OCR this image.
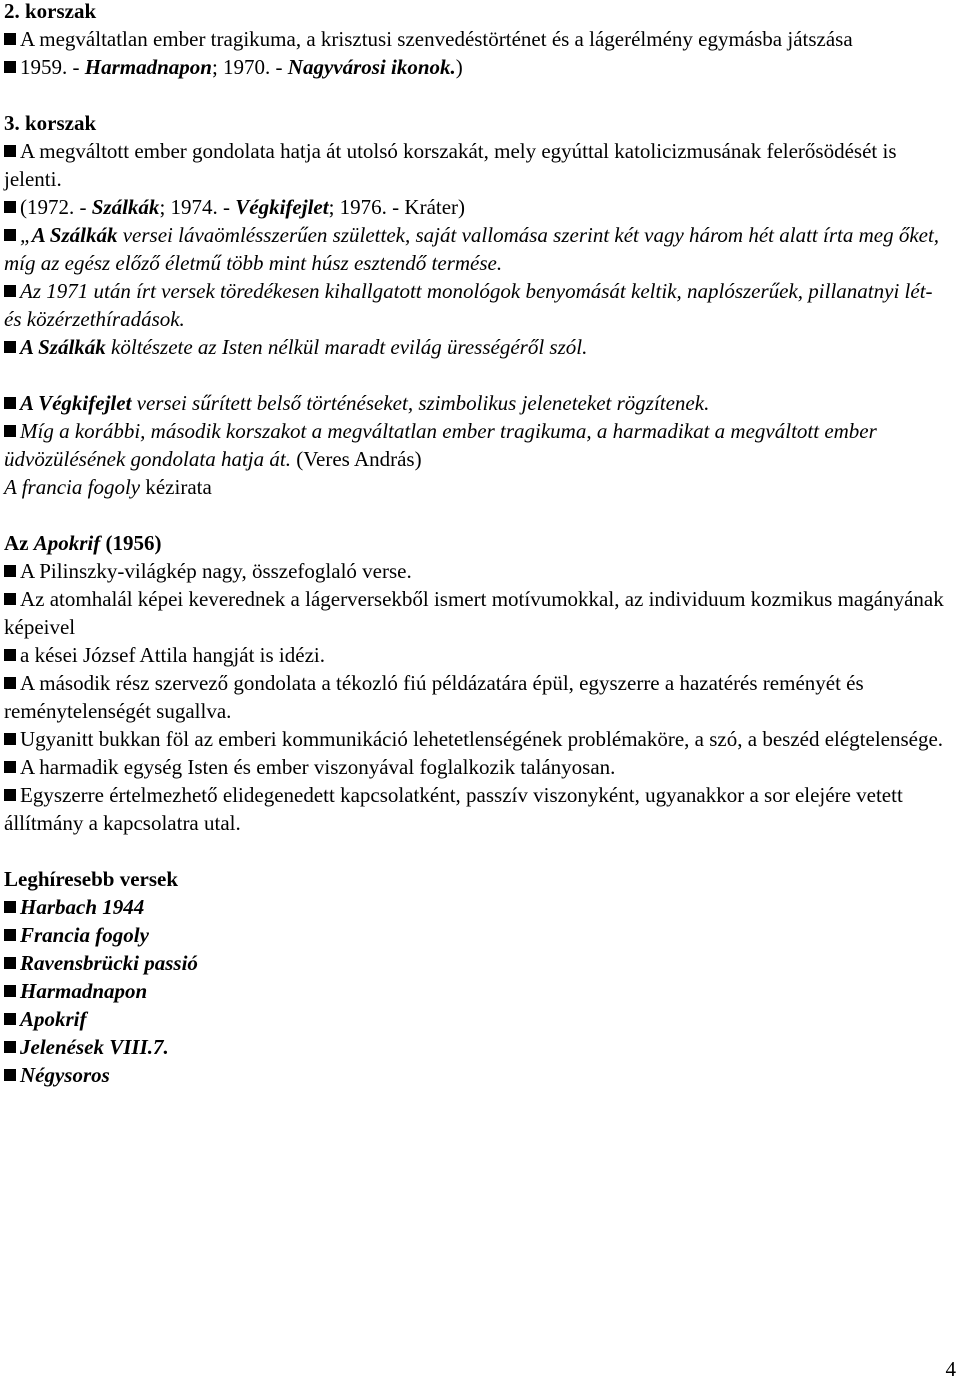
2. korszak
A megváltatlan ember tragikuma, a krisztusi szenvedéstörténet és a lágerélmény egymásba játszása
1959. - Harmadnapon; 1970. - Nagyvárosi ikonok.)
3. korszak
A megváltott ember gondolata hatja át utolsó korszakát, mely egyúttal katolicizmusának felerősödését is jelenti.
(1972. - Szálkák; 1974. - Végkifejlet; 1976. - Kráter)
„A Szálkák versei lávaömlésszerűen születtek, saját vallomása szerint két vagy három hét alatt írta meg őket, míg az egész előző életmű több mint húsz esztendő termése.
Az 1971 után írt versek töredékesen kihallgatott monológok benyomását keltik, naplószerűek, pillanatnyi lét- és közérzethíradások.
A Szálkák költészete az Isten nélkül maradt evilág ürességéről szól.
A Végkifejlet versei sűrített belső történéseket, szimbolikus jeleneteket rögzítenek.
Míg a korábbi, második korszakot a megváltatlan ember tragikuma, a harmadikat a megváltott ember üdvözülésének gondolata hatja át. (Veres András)
A francia fogoly kézirata
Az Apokrif (1956)
A Pilinszky-világkép nagy, összefoglaló verse.
Az atomhalál képei keverednek a lágerversekből ismert motívumokkal, az individuum kozmikus magányának képeivel
a kései József Attila hangját is idézi.
A második rész szervező gondolata a tékozló fiú példázatára épül, egyszerre a hazatérés reményét és reménytelenségét sugallva.
Ugyanitt bukkan föl az emberi kommunikáció lehetetlenségének problémaköre, a szó, a beszéd elégtelensége.
A harmadik egység Isten és ember viszonyával foglalkozik talányosan.
Egyszerre értelmezhető elidegenedett kapcsolatként, passzív viszonyként, ugyanakkor a sor elejére vetett állítmány a kapcsolatra utal.
Leghíresebb versek
Harbach 1944
Francia fogoly
Ravensbrücki passió
Harmadnapon
Apokrif
Jelenések VIII.7.
Négysoros
4
